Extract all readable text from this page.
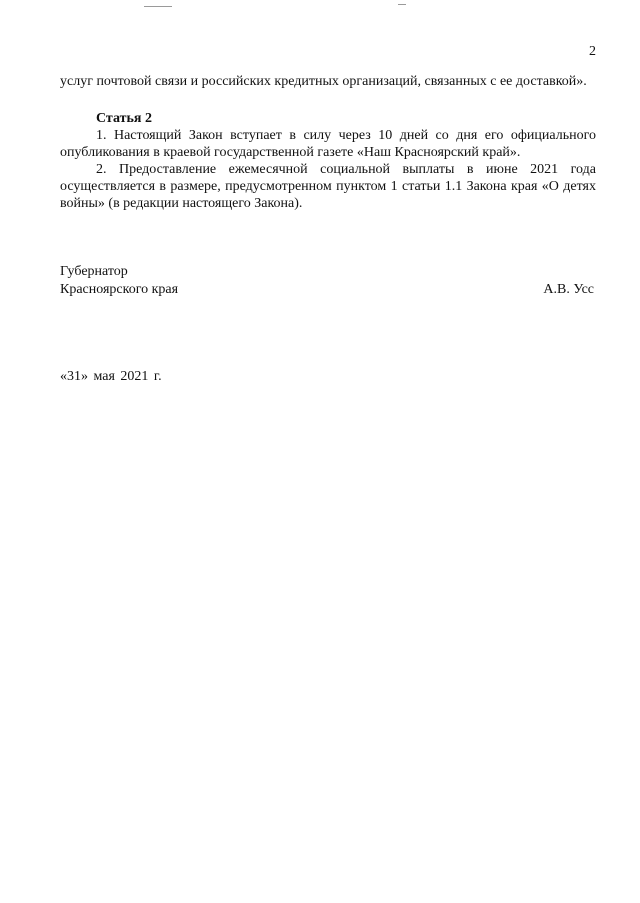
2

услуг почтовой связи и российских кредитных организаций, связанных с ее доставкой».

Статья 2

1. Настоящий Закон вступает в силу через 10 дней со дня его официального опубликования в краевой государственной газете «Наш Красноярский край».

2. Предоставление ежемесячной социальной выплаты в июне 2021 года осуществляется в размере, предусмотренном пунктом 1 статьи 1.1 Закона края «О детях войны» (в редакции настоящего Закона).

Губернатор
Красноярского края	А.В. Усс
«31» мая 2021 г.
